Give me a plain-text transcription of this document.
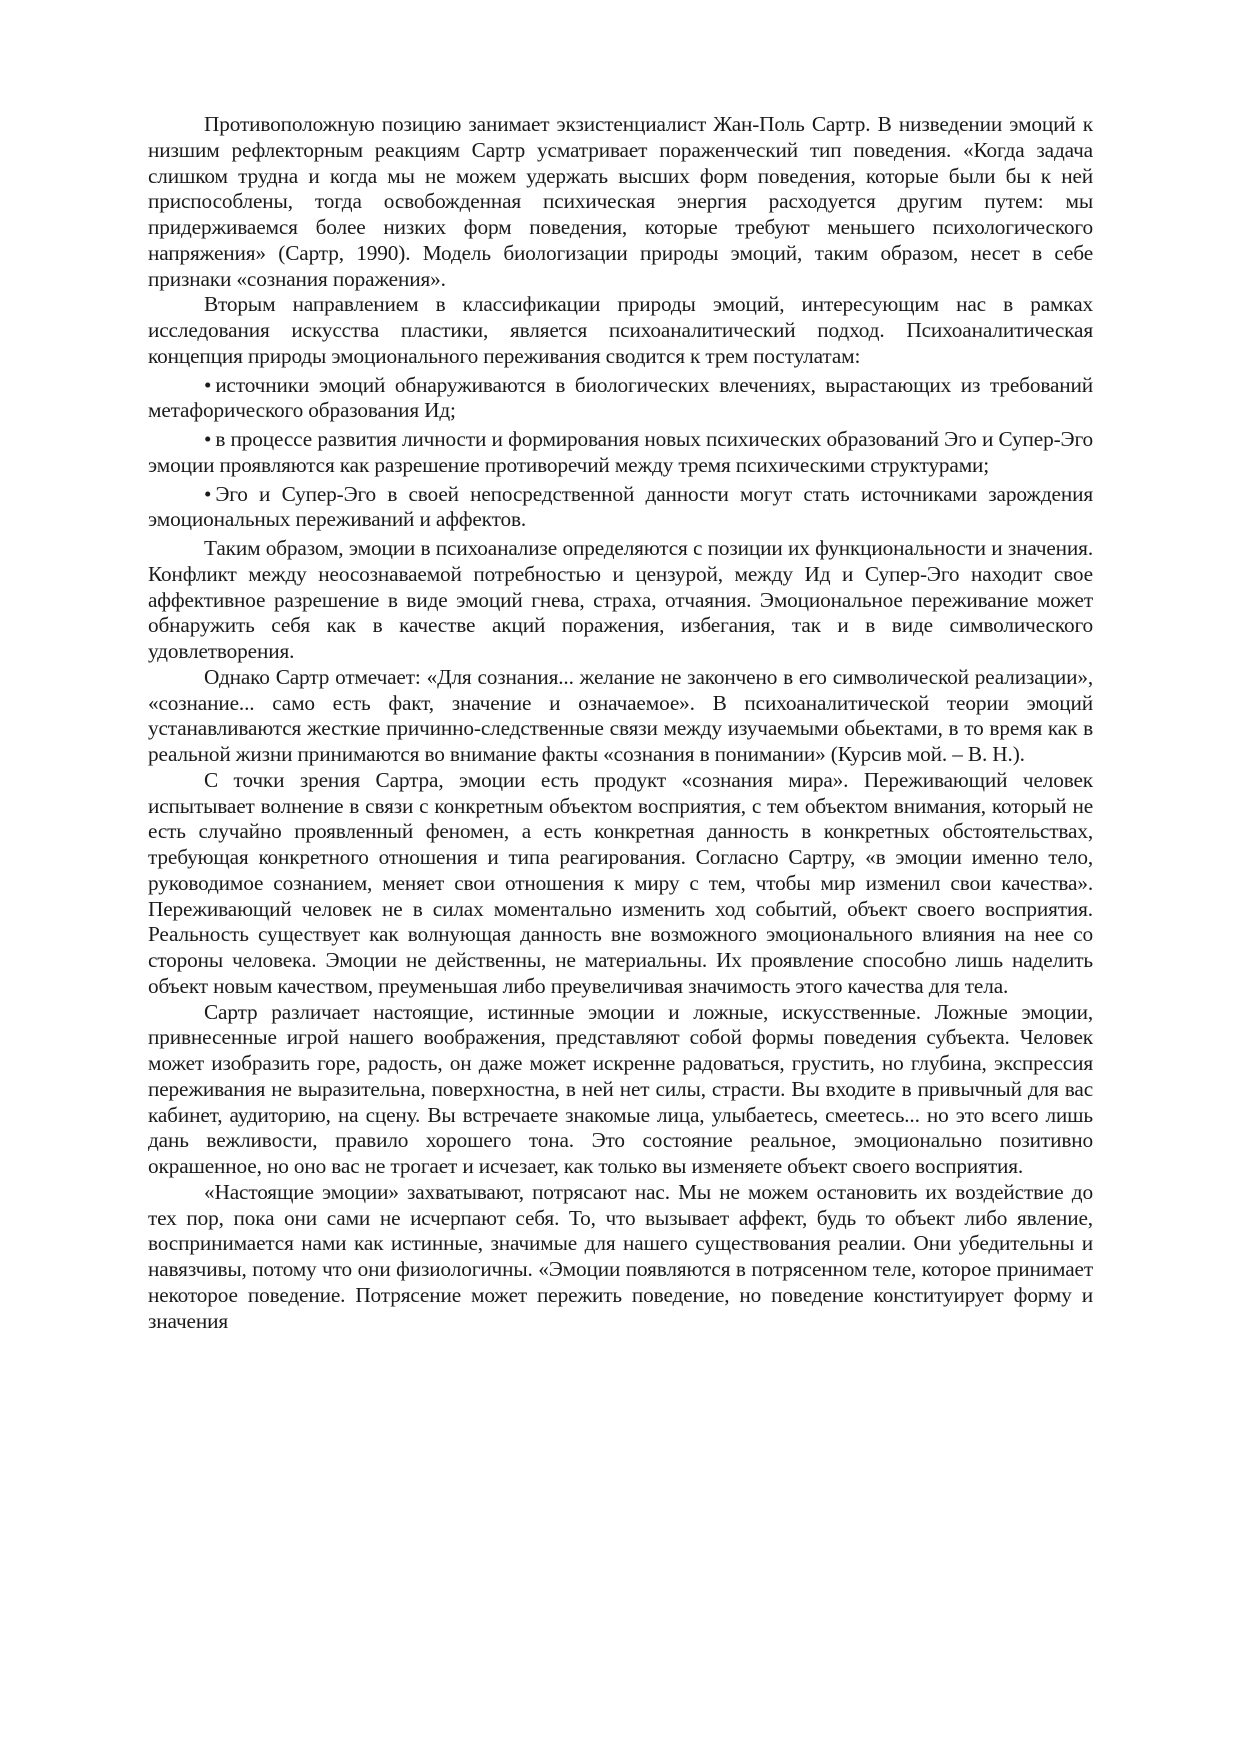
Противоположную позицию занимает экзистенциалист Жан-Поль Сартр. В низведении эмоций к низшим рефлекторным реакциям Сартр усматривает пораженческий тип поведения. «Когда задача слишком трудна и когда мы не можем удержать высших форм поведения, которые были бы к ней приспособлены, тогда освобожденная психическая энергия расходуется другим путем: мы придерживаемся более низких форм поведения, которые требуют меньшего психологического напряжения» (Сартр, 1990). Модель биологизации природы эмоций, таким образом, несет в себе признаки «сознания поражения».

Вторым направлением в классификации природы эмоций, интересующим нас в рамках исследования искусства пластики, является психоаналитический подход. Психоаналитическая концепция природы эмоционального переживания сводится к трем постулатам:

• источники эмоций обнаруживаются в биологических влечениях, вырастающих из требований метафорического образования Ид;

• в процессе развития личности и формирования новых психических образований Эго и Супер-Эго эмоции проявляются как разрешение противоречий между тремя психическими структурами;

• Эго и Супер-Эго в своей непосредственной данности могут стать источниками зарождения эмоциональных переживаний и аффектов.

Таким образом, эмоции в психоанализе определяются с позиции их функциональности и значения. Конфликт между неосознаваемой потребностью и цензурой, между Ид и Супер-Эго находит свое аффективное разрешение в виде эмоций гнева, страха, отчаяния. Эмоциональное переживание может обнаружить себя как в качестве акций поражения, избегания, так и в виде символического удовлетворения.

Однако Сартр отмечает: «Для сознания... желание не закончено в его символической реализации», «сознание... само есть факт, значение и означаемое». В психоаналитической теории эмоций устанавливаются жесткие причинно-следственные связи между изучаемыми обьектами, в то время как в реальной жизни принимаются во внимание факты «сознания в понимании» (Курсив мой. – В. Н.).

С точки зрения Сартра, эмоции есть продукт «сознания мира». Переживающий человек испытывает волнение в связи с конкретным объектом восприятия, с тем объектом внимания, который не есть случайно проявленный феномен, а есть конкретная данность в конкретных обстоятельствах, требующая конкретного отношения и типа реагирования. Согласно Сартру, «в эмоции именно тело, руководимое сознанием, меняет свои отношения к миру с тем, чтобы мир изменил свои качества». Переживающий человек не в силах моментально изменить ход событий, объект своего восприятия. Реальность существует как волнующая данность вне возможного эмоционального влияния на нее со стороны человека. Эмоции не действенны, не материальны. Их проявление способно лишь наделить объект новым качеством, преуменьшая либо преувеличивая значимость этого качества для тела.

Сартр различает настоящие, истинные эмоции и ложные, искусственные. Ложные эмоции, привнесенные игрой нашего воображения, представляют собой формы поведения субъекта. Человек может изобразить горе, радость, он даже может искренне радоваться, грустить, но глубина, экспрессия переживания не выразительна, поверхностна, в ней нет силы, страсти. Вы входите в привычный для вас кабинет, аудиторию, на сцену. Вы встречаете знакомые лица, улыбаетесь, смеетесь... но это всего лишь дань вежливости, правило хорошего тона. Это состояние реальное, эмоционально позитивно окрашенное, но оно вас не трогает и исчезает, как только вы изменяете объект своего восприятия.

«Настоящие эмоции» захватывают, потрясают нас. Мы не можем остановить их воздействие до тех пор, пока они сами не исчерпают себя. То, что вызывает аффект, будь то объект либо явление, воспринимается нами как истинные, значимые для нашего существования реалии. Они убедительны и навязчивы, потому что они физиологичны. «Эмоции появляются в потрясенном теле, которое принимает некоторое поведение. Потрясение может пережить поведение, но поведение конституирует форму и значения
